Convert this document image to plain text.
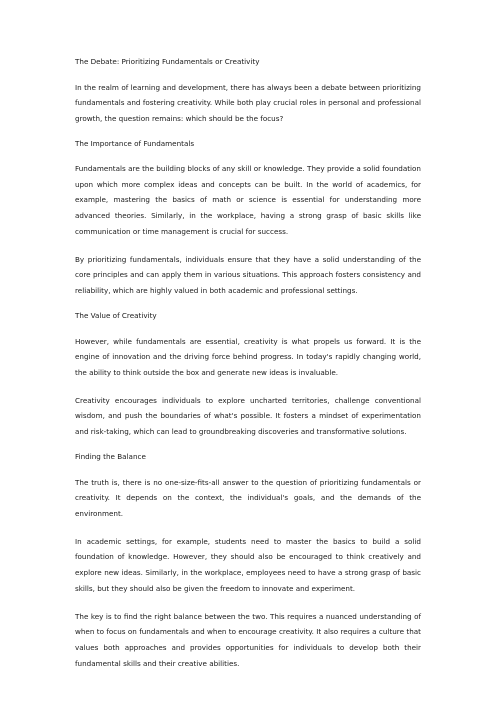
The Debate: Prioritizing Fundamentals or Creativity

In the realm of learning and development, there has always been a debate between prioritizing fundamentals and fostering creativity. While both play crucial roles in personal and professional growth, the question remains: which should be the focus?

The Importance of Fundamentals

Fundamentals are the building blocks of any skill or knowledge. They provide a solid foundation upon which more complex ideas and concepts can be built. In the world of academics, for example, mastering the basics of math or science is essential for understanding more advanced theories. Similarly, in the workplace, having a strong grasp of basic skills like communication or time management is crucial for success.

By prioritizing fundamentals, individuals ensure that they have a solid understanding of the core principles and can apply them in various situations. This approach fosters consistency and reliability, which are highly valued in both academic and professional settings.

The Value of Creativity

However, while fundamentals are essential, creativity is what propels us forward. It is the engine of innovation and the driving force behind progress. In today's rapidly changing world, the ability to think outside the box and generate new ideas is invaluable.

Creativity encourages individuals to explore uncharted territories, challenge conventional wisdom, and push the boundaries of what's possible. It fosters a mindset of experimentation and risk-taking, which can lead to groundbreaking discoveries and transformative solutions.

Finding the Balance

The truth is, there is no one-size-fits-all answer to the question of prioritizing fundamentals or creativity. It depends on the context, the individual's goals, and the demands of the environment.

In academic settings, for example, students need to master the basics to build a solid foundation of knowledge. However, they should also be encouraged to think creatively and explore new ideas. Similarly, in the workplace, employees need to have a strong grasp of basic skills, but they should also be given the freedom to innovate and experiment.

The key is to find the right balance between the two. This requires a nuanced understanding of when to focus on fundamentals and when to encourage creativity. It also requires a culture that values both approaches and provides opportunities for individuals to develop both their fundamental skills and their creative abilities.
